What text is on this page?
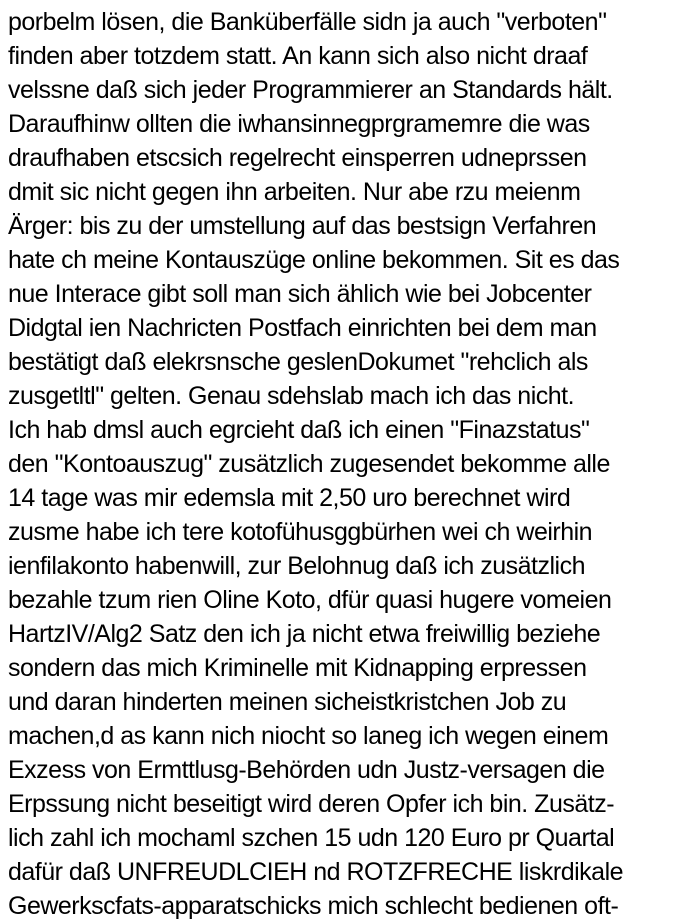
porbelm lösen, die Banküberfälle sidn ja auch "verboten"
finden aber totzdem statt. An kann sich also nicht draaf
velssne daß sich jeder Programmierer an Standards hält.
Daraufhinw ollten die iwhansinnegprgramemre die was
draufhaben etscsich regelrecht einsperren udneprssen
dmit sic nicht gegen ihn arbeiten. Nur abe rzu meienm
Ärger: bis zu der umstellung auf das bestsign Verfahren
hate ch meine Kontauszüge online bekommen. Sit es das
nue Interace gibt soll man sich ählich wie bei Jobcenter
Didgtal ien Nachricten Postfach einrichten bei dem man
bestätigt daß elekrsnsche geslenDokumet "rehclich als
zusgetltl" gelten. Genau sdehslab mach ich das nicht.
Ich hab dmsl auch egrcieht daß ich einen "Finazstatus"
den "Kontoauszug" zusätzlich zugesendet bekomme alle
14 tage was mir edemsla mit 2,50 uro berechnet wird
zusme habe ich tere kotofühusggbürhen wei ch weirhin
ienfilakonto habenwill, zur Belohnug daß ich zusätzlich
bezahle tzum rien Oline Koto, dfür quasi hugere vomeien
HartzIV/Alg2 Satz den ich ja nicht etwa freiwillig beziehe
sondern das mich Kriminelle mit Kidnapping erpressen
und daran hinderten meinen sicheistkristchen Job zu
machen,d as kann nich niocht so laneg ich wegen einem
Exzess von Ermttlusg-Behörden udn Justz-versagen die
Erpssung nicht beseitigt wird deren Opfer ich bin. Zusätz-
lich zahl ich mochaml szchen 15 udn 120 Euro pr Quartal
dafür daß UNFREUDLCIEH nd ROTZFRECHE liskrdikale
Gewerkscfats-apparatschicks mich schlecht bedienen oft-
